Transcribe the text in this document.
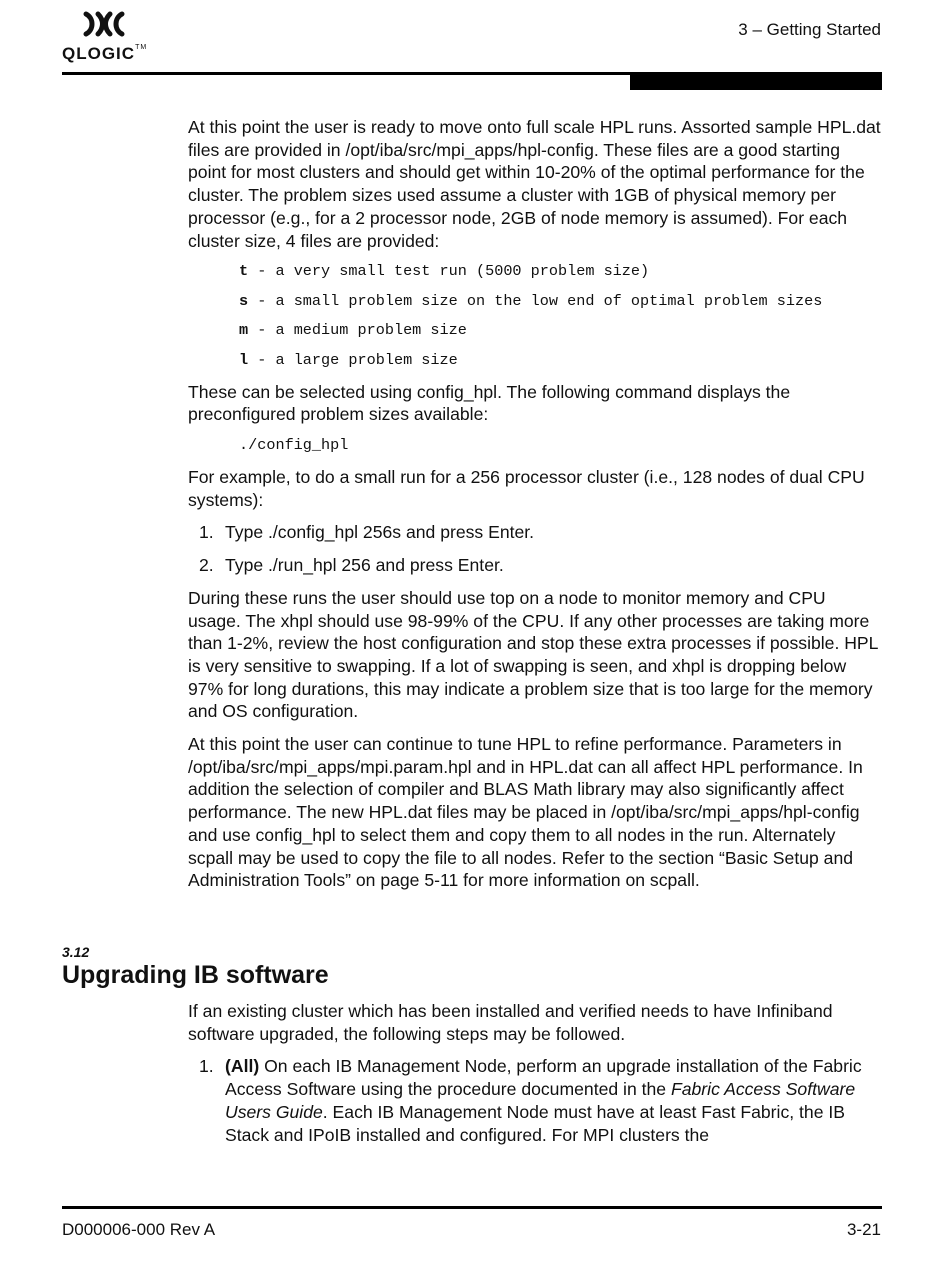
QLOGIC™
3 – Getting Started

At this point the user is ready to move onto full scale HPL runs. Assorted sample HPL.dat files are provided in /opt/iba/src/mpi_apps/hpl-config. These files are a good starting point for most clusters and should get within 10-20% of the optimal performance for the cluster. The problem sizes used assume a cluster with 1GB of physical memory per processor (e.g., for a 2 processor node, 2GB of node memory is assumed). For each cluster size, 4 files are provided:

t - a very small test run (5000 problem size)
s - a small problem size on the low end of optimal problem sizes
m - a medium problem size
l - a large problem size

These can be selected using config_hpl. The following command displays the preconfigured problem sizes available:

./config_hpl

For example, to do a small run for a 256 processor cluster (i.e., 128 nodes of dual CPU systems):

1. Type ./config_hpl 256s and press Enter.
2. Type ./run_hpl 256 and press Enter.

During these runs the user should use top on a node to monitor memory and CPU usage. The xhpl should use 98-99% of the CPU. If any other processes are taking more than 1-2%, review the host configuration and stop these extra processes if possible. HPL is very sensitive to swapping. If a lot of swapping is seen, and xhpl is dropping below 97% for long durations, this may indicate a problem size that is too large for the memory and OS configuration.

At this point the user can continue to tune HPL to refine performance. Parameters in /opt/iba/src/mpi_apps/mpi.param.hpl and in HPL.dat can all affect HPL performance. In addition the selection of compiler and BLAS Math library may also significantly affect performance. The new HPL.dat files may be placed in /opt/iba/src/mpi_apps/hpl-config and use config_hpl to select them and copy them to all nodes in the run. Alternately scpall may be used to copy the file to all nodes. Refer to the section “Basic Setup and Administration Tools” on page 5-11 for more information on scpall.

3.12
Upgrading IB software

If an existing cluster which has been installed and verified needs to have Infiniband software upgraded, the following steps may be followed.

1. (All) On each IB Management Node, perform an upgrade installation of the Fabric Access Software using the procedure documented in the Fabric Access Software Users Guide. Each IB Management Node must have at least Fast Fabric, the IB Stack and IPoIB installed and configured. For MPI clusters the
D000006-000 Rev A	3-21
